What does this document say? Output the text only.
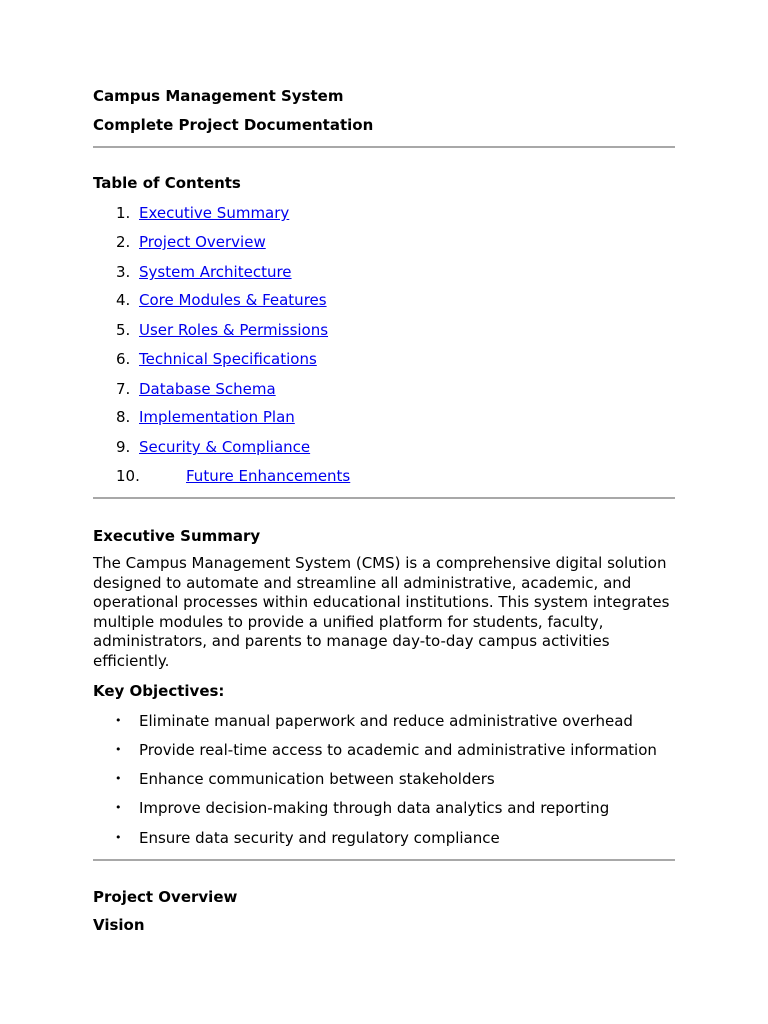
Campus Management System
Complete Project Documentation
Table of Contents
1. Executive Summary
2. Project Overview
3. System Architecture
4. Core Modules & Features
5. User Roles & Permissions
6. Technical Specifications
7. Database Schema
8. Implementation Plan
9. Security & Compliance
10.	Future Enhancements
Executive Summary
The Campus Management System (CMS) is a comprehensive digital solution designed to automate and streamline all administrative, academic, and operational processes within educational institutions. This system integrates multiple modules to provide a unified platform for students, faculty, administrators, and parents to manage day-to-day campus activities efficiently.
Key Objectives:
• Eliminate manual paperwork and reduce administrative overhead
• Provide real-time access to academic and administrative information
• Enhance communication between stakeholders
• Improve decision-making through data analytics and reporting
• Ensure data security and regulatory compliance
Project Overview
Vision
